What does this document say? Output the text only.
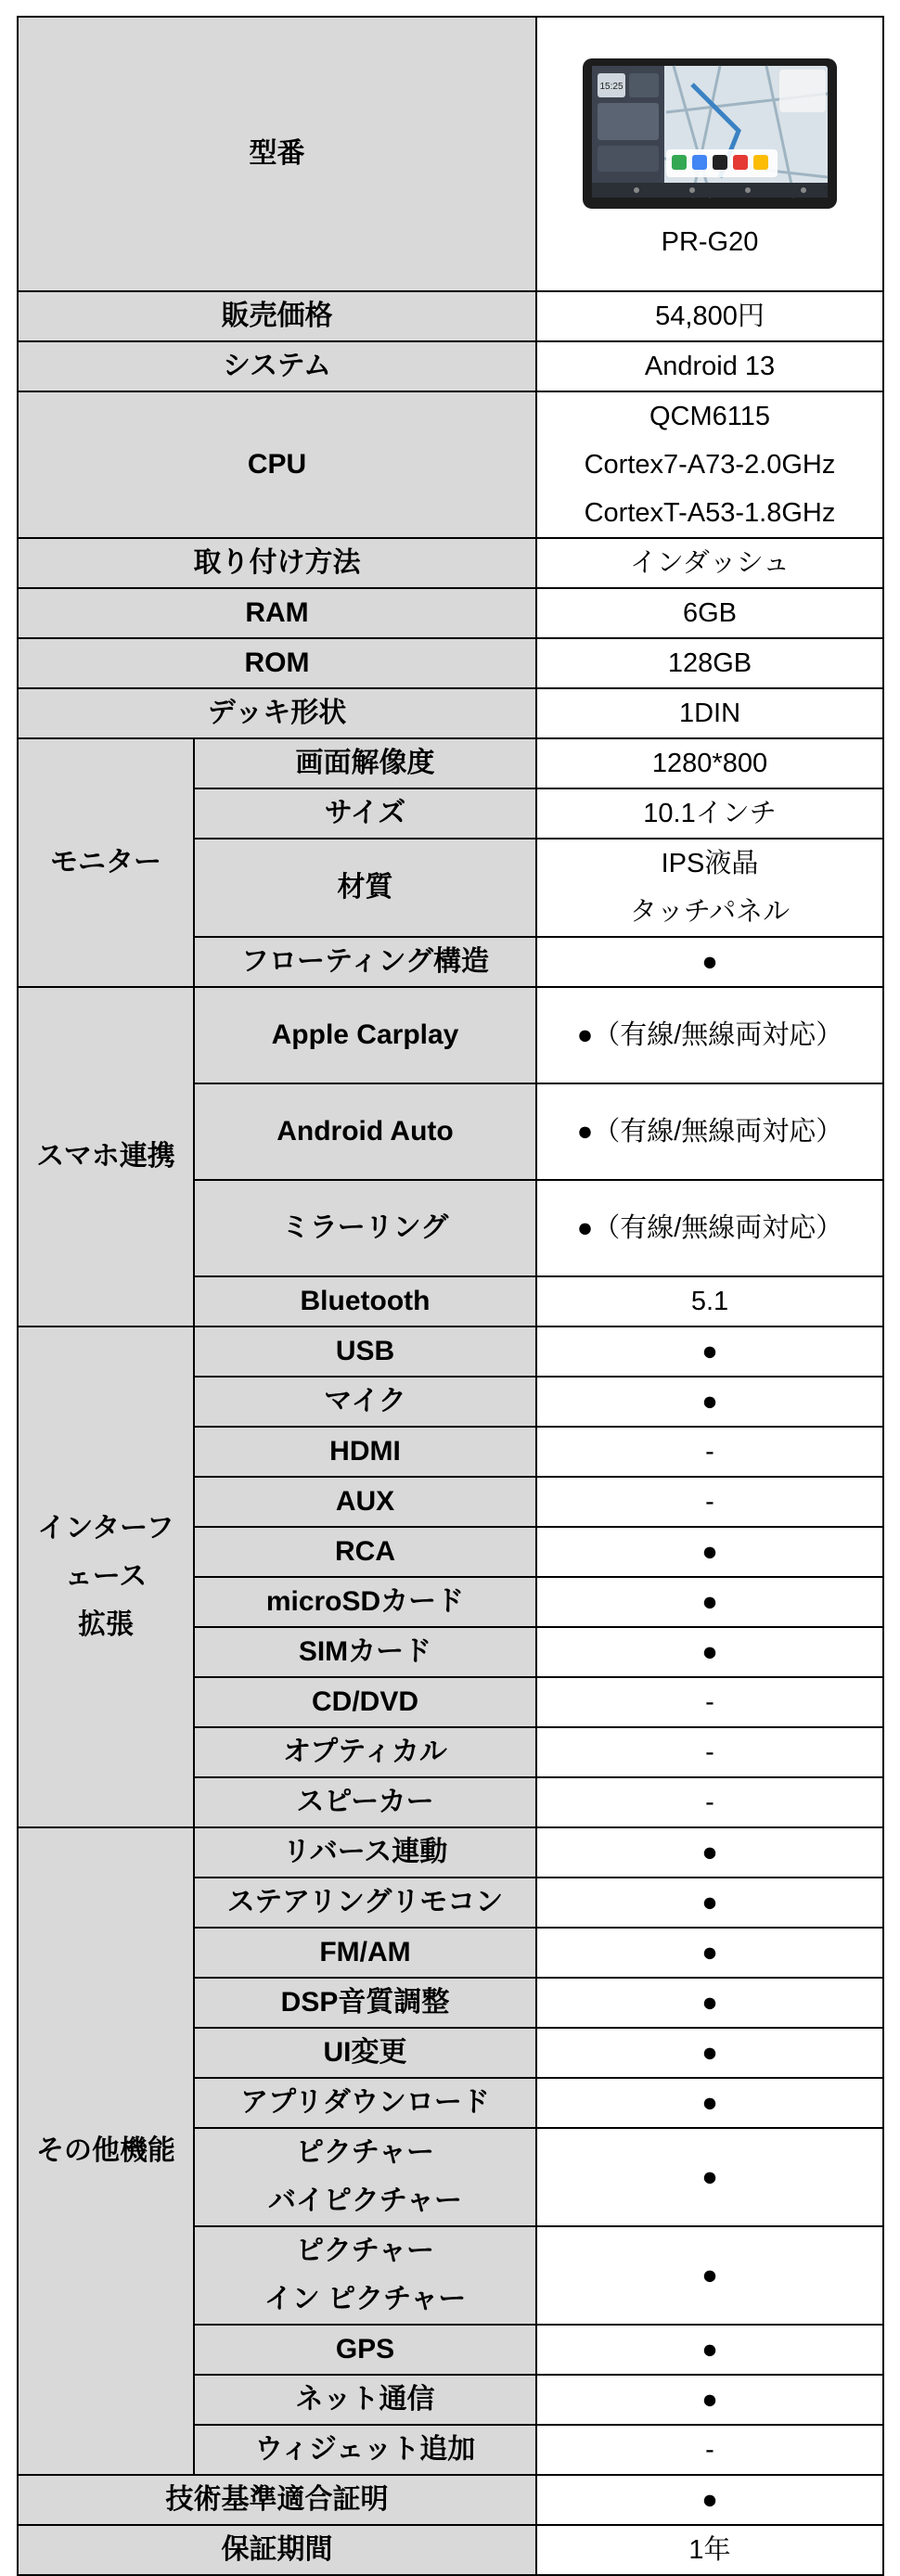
型番		15:25
PR-G20

販売価格		54,800円
システム		Android 13
CPU		QCM6115
Cortex7-A73-2.0GHz
CortexT-A53-1.8GHz

取り付け方法		インダッシュ
RAM		6GB
ROM		128GB
デッキ形状		1DIN
モニター	画面解像度	1280*800
	サイズ	10.1インチ
	材質	IPS液晶
タッチパネル

	フローティング構造	●
スマホ連携	Apple Carplay	●（有線/無線両対応）
	Android Auto	●（有線/無線両対応）
	ミラーリング	●（有線/無線両対応）
	Bluetooth	5.1

インターフ
ェース
拡張	USB	●
	マイク	●
	HDMI	-
	AUX	-
	RCA	●
	microSDカード	●
	SIMカード	●
	CD/DVD	-
	オプティカル	-
	スピーカー	-
その他機能	リバース連動	●
	ステアリングリモコン	●
	FM/AM	●
	DSP音質調整	●
	UI変更	●
	アプリダウンロード	●

	ピクチャー
バイピクチャー	●

	ピクチャー
イン ピクチャー	●
	GPS	●
	ネット通信	●
	ウィジェット追加	-
技術基準適合証明		●
保証期間		1年
